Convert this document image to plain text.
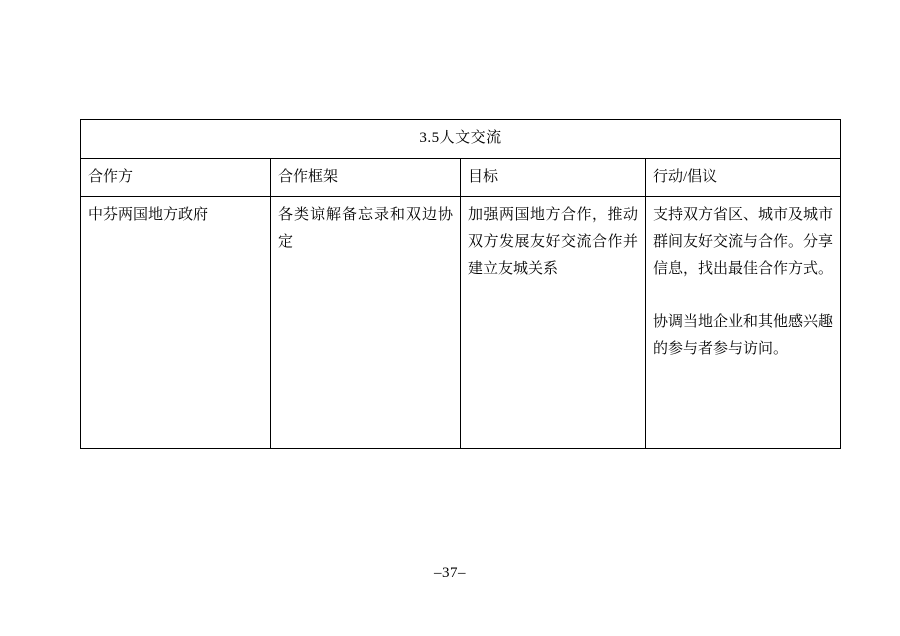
3.5人文交流			
合作方	合作框架	目标	行动/倡议

中芬两国地方政府	各类谅解备忘录和双边协定	加强两国地方合作，推动双方发展友好交流合作并建立友城关系	支持双方省区、城市及城市群间友好交流与合作。分享信息，找出最佳合作方式。

协调当地企业和其他感兴趣的参与者参与访问。

–37–
